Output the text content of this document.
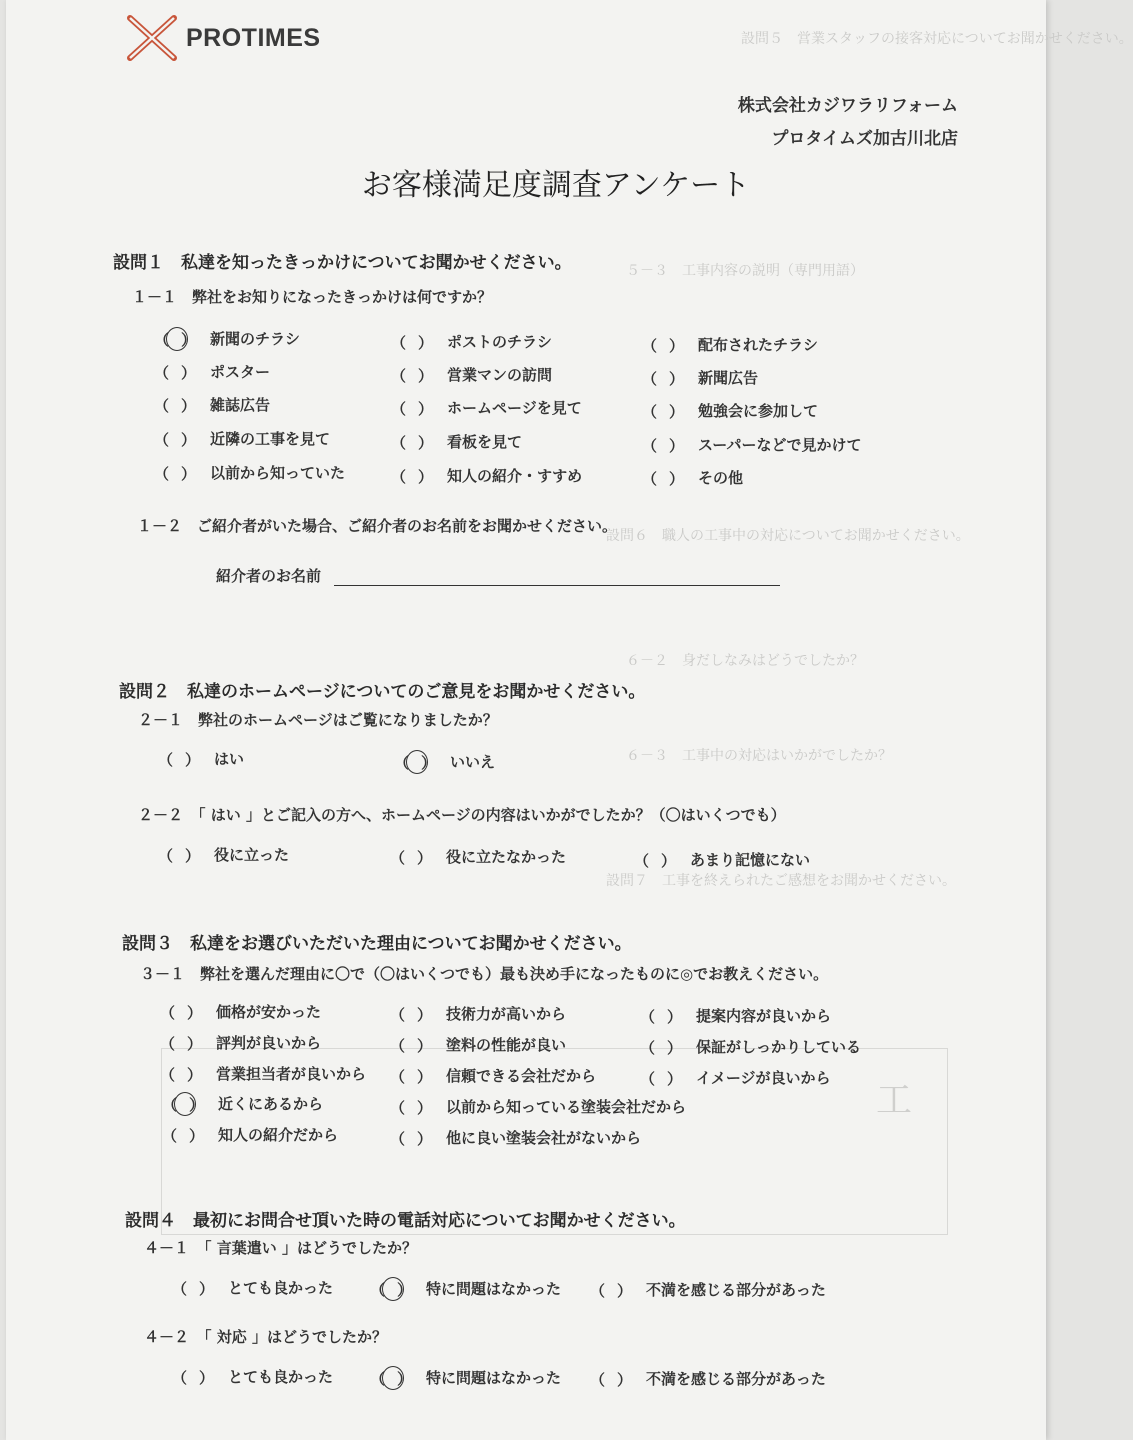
設問５　営業スタッフの接客対応についてお聞かせください。
５－３　工事内容の説明（専門用語）
設問６　職人の工事中の対応についてお聞かせください。
６－２　身だしなみはどうでしたか？
６－３　工事中の対応はいかがでしたか？
設問７　工事を終えられたご感想をお聞かせください。
工
PROTIMES
株式会社カジワラリフォーム
プロタイムズ加古川北店
お客様満足度調査アンケート
設問１　私達を知ったきっかけについてお聞かせください。
１－１　弊社をお知りになったきっかけは何ですか？
（ ） 新聞のチラシ	（ ） ポストのチラシ	（ ） 配布されたチラシ
（ ） ポスター	（ ） 営業マンの訪問	（ ） 新聞広告
（ ） 雑誌広告	（ ） ホームページを見て	（ ） 勉強会に参加して
（ ） 近隣の工事を見て	（ ） 看板を見て	（ ） スーパーなどで見かけて
（ ） 以前から知っていた	（ ） 知人の紹介・すすめ	（ ） その他
１－２　ご紹介者がいた場合、ご紹介者のお名前をお聞かせください。
紹介者のお名前
設問２　私達のホームページについてのご意見をお聞かせください。
２－１　弊社のホームページはご覧になりましたか？
（ ） はい	（ ） いいえ
２－２　「 はい 」とご記入の方へ、ホームページの内容はいかがでしたか？（〇はいくつでも）
（ ） 役に立った	（ ） 役に立たなかった	（ ） あまり記憶にない
設問３　私達をお選びいただいた理由についてお聞かせください。
３－１　弊社を選んだ理由に〇で（〇はいくつでも）最も決め手になったものに◎でお教えください。
（ ） 価格が安かった	（ ） 技術力が高いから	（ ） 提案内容が良いから
（ ） 評判が良いから	（ ） 塗料の性能が良い	（ ） 保証がしっかりしている
（ ） 営業担当者が良いから （ ） 信頼できる会社だから	（ ） イメージが良いから
（ ） 近くにあるから	（ ） 以前から知っている塗装会社だから
（ ） 知人の紹介だから	（ ） 他に良い塗装会社がないから
設問４　最初にお問合せ頂いた時の電話対応についてお聞かせください。
４－１　「 言葉遣い 」はどうでしたか？
（ ） とても良かった （ ） 特に問題はなかった （ ） 不満を感じる部分があった
４－２　「 対応 」はどうでしたか？
（ ） とても良かった （ ） 特に問題はなかった （ ） 不満を感じる部分があった
